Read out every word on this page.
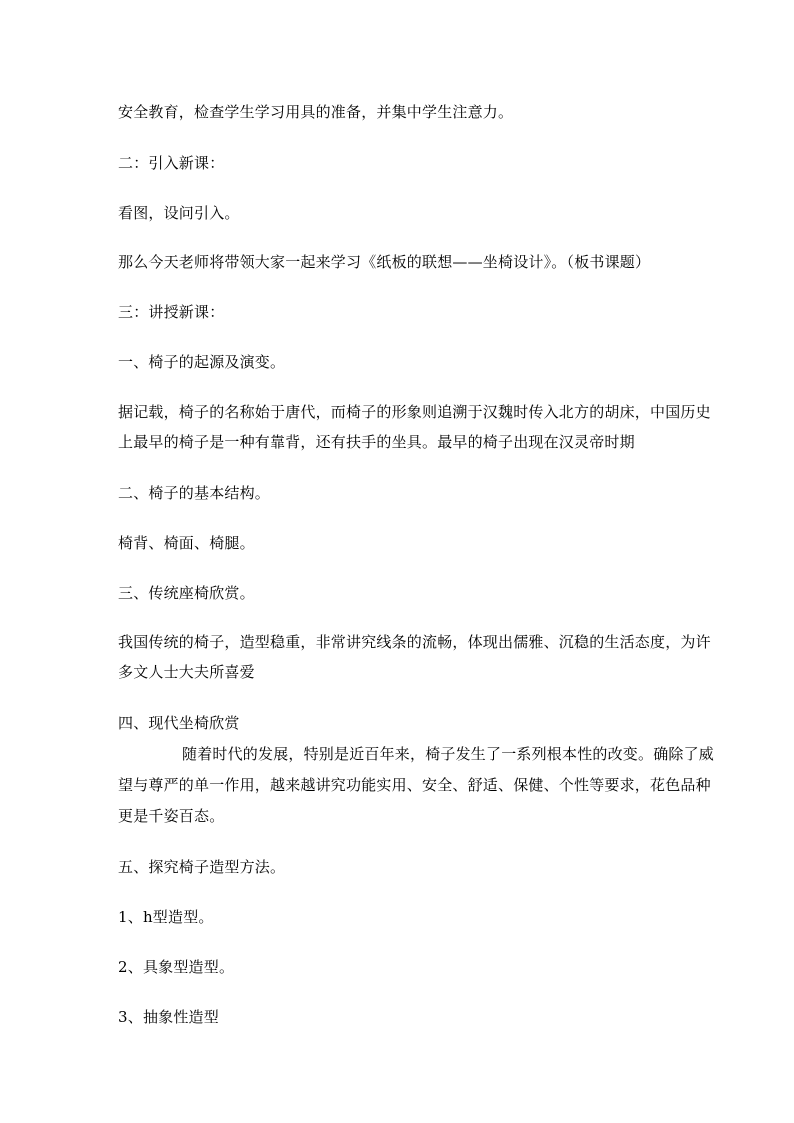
安全教育，检查学生学习用具的准备，并集中学生注意力。

二：引入新课：

看图，设问引入。

那么今天老师将带领大家一起来学习《纸板的联想——坐椅设计》。（板书课题）

三：讲授新课：

一、椅子的起源及演变。

据记载，椅子的名称始于唐代，而椅子的形象则追溯于汉魏时传入北方的胡床，中国历史

上最早的椅子是一种有靠背，还有扶手的坐具。最早的椅子出现在汉灵帝时期

二、椅子的基本结构。

椅背、椅面、椅腿。

三、传统座椅欣赏。

我国传统的椅子，造型稳重，非常讲究线条的流畅，体现出儒雅、沉稳的生活态度，为许

多文人士大夫所喜爱

四、现代坐椅欣赏

随着时代的发展，特别是近百年来，椅子发生了一系列根本性的改变。确除了威

望与尊严的单一作用，越来越讲究功能实用、安全、舒适、保健、个性等要求，花色品种

更是千姿百态。

五、探究椅子造型方法。

1、h型造型。

2、具象型造型。

3、抽象性造型
